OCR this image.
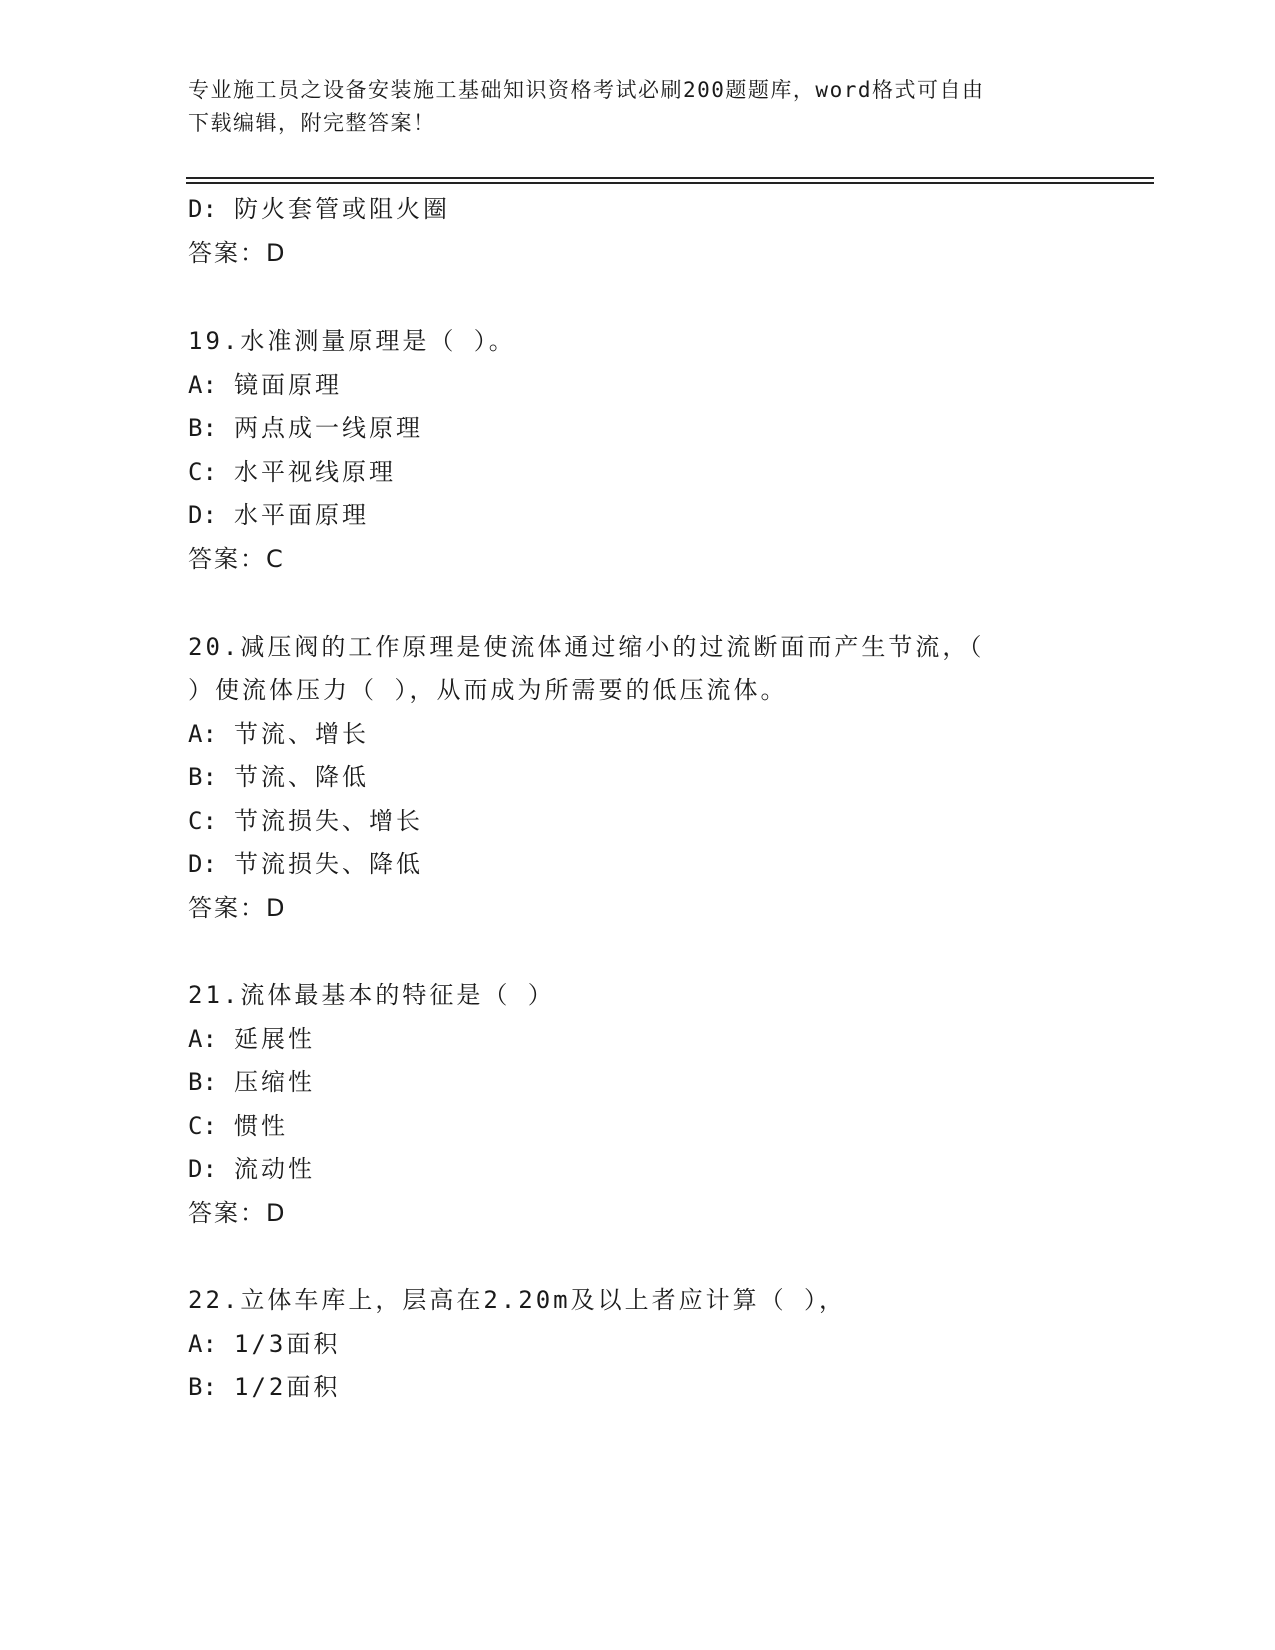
专业施工员之设备安装施工基础知识资格考试必刷200题题库，word格式可自由
下载编辑，附完整答案！
D: 防火套管或阻火圈
答案：D
19.水准测量原理是（ ）。
A: 镜面原理
B: 两点成一线原理
C: 水平视线原理
D: 水平面原理
答案：C
20.减压阀的工作原理是使流体通过缩小的过流断面而产生节流，（
）使流体压力（ ），从而成为所需要的低压流体。
A: 节流、增长
B: 节流、降低
C: 节流损失、增长
D: 节流损失、降低
答案：D
21.流体最基本的特征是（ ）
A: 延展性
B: 压缩性
C: 惯性
D: 流动性
答案：D
22.立体车库上，层高在2.20m及以上者应计算（ ），
A: 1/3面积
B: 1/2面积
